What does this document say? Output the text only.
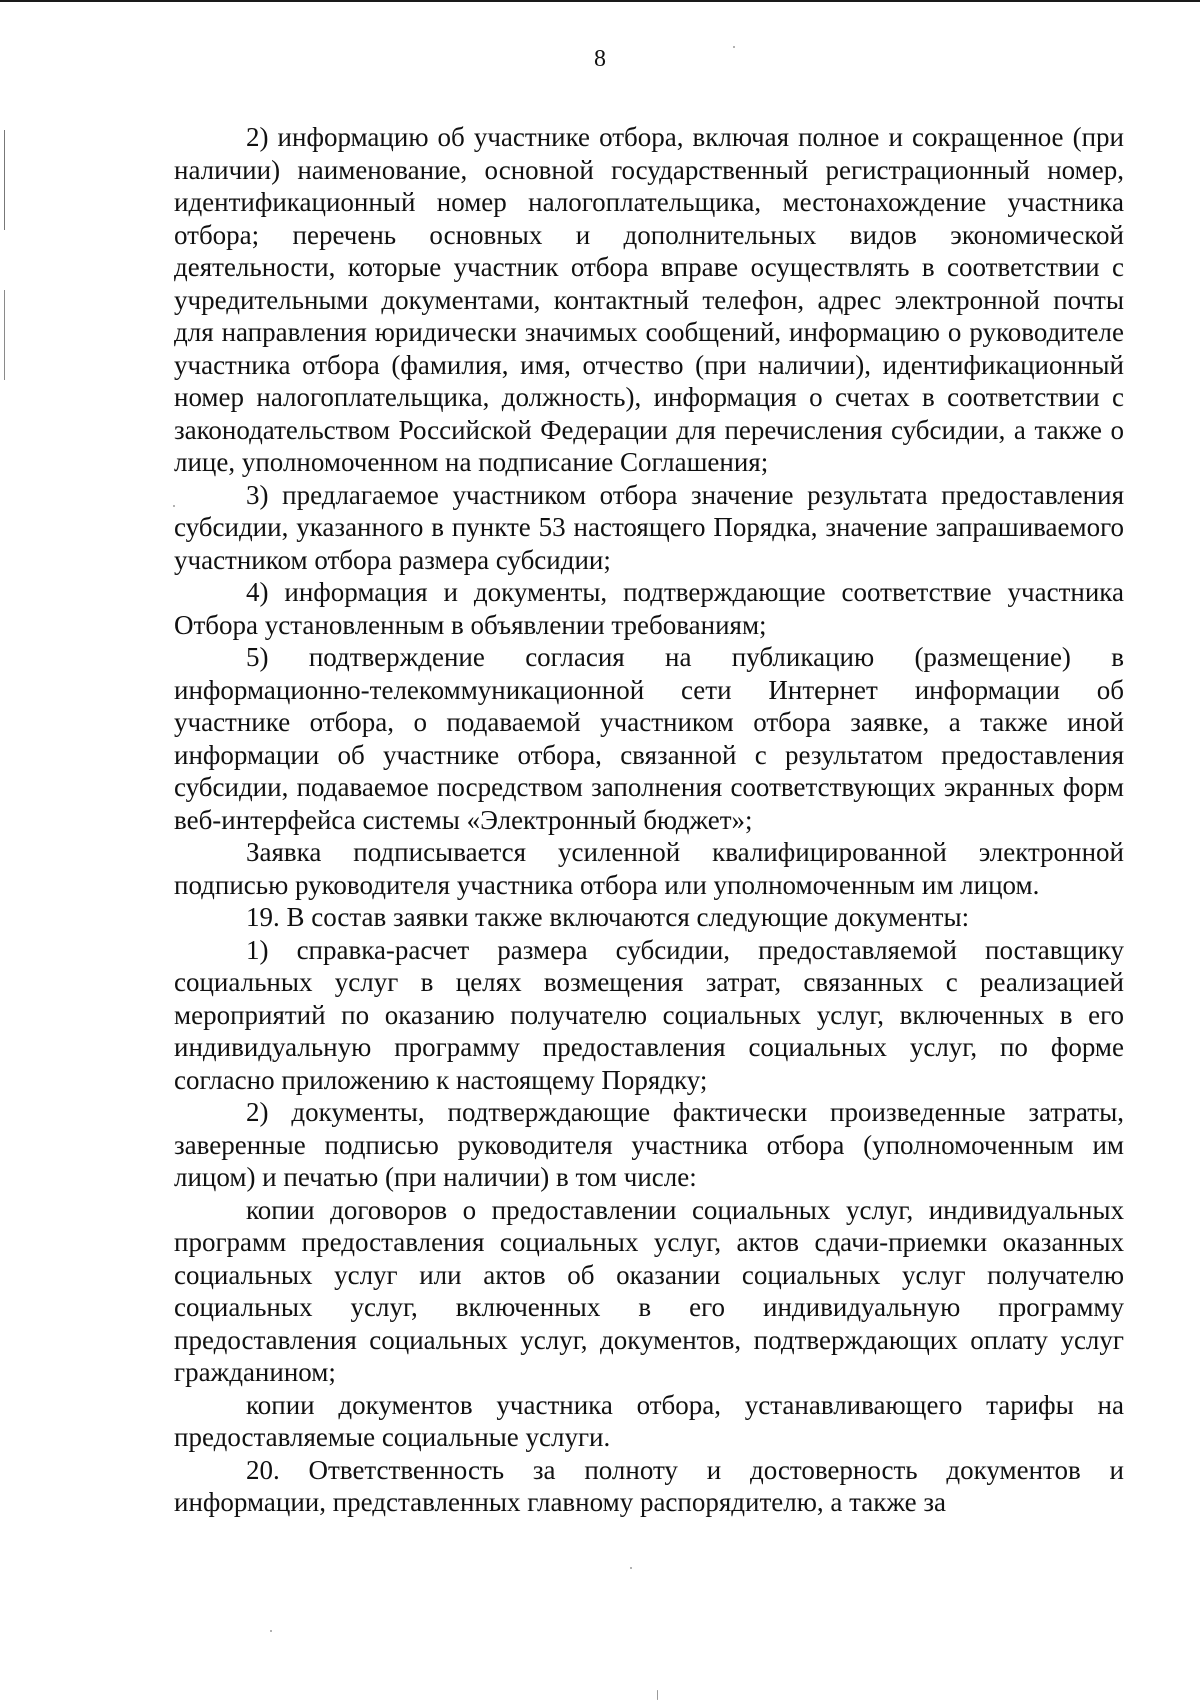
8

2) информацию об участнике отбора, включая полное и сокращенное (при наличии) наименование, основной государственный регистрационный номер, идентификационный номер налогоплательщика, местонахождение участника отбора; перечень основных и дополнительных видов экономической деятельности, которые участник отбора вправе осуществлять в соответствии с учредительными документами, контактный телефон, адрес электронной почты для направления юридически значимых сообщений, информацию о руководителе участника отбора (фамилия, имя, отчество (при наличии), идентификационный номер налогоплательщика, должность), информация о счетах в соответствии с законодательством Российской Федерации для перечисления субсидии, а также о лице, уполномоченном на подписание Соглашения;

3) предлагаемое участником отбора значение результата предоставления субсидии, указанного в пункте 53 настоящего Порядка, значение запрашиваемого участником отбора размера субсидии;

4) информация и документы, подтверждающие соответствие участника Отбора установленным в объявлении требованиям;

5) подтверждение согласия на публикацию (размещение) в информационно-телекоммуникационной сети Интернет информации об участнике отбора, о подаваемой участником отбора заявке, а также иной информации об участнике отбора, связанной с результатом предоставления субсидии, подаваемое посредством заполнения соответствующих экранных форм веб-интерфейса системы «Электронный бюджет»;

Заявка подписывается усиленной квалифицированной электронной подписью руководителя участника отбора или уполномоченным им лицом.

19. В состав заявки также включаются следующие документы:

1) справка-расчет размера субсидии, предоставляемой поставщику социальных услуг в целях возмещения затрат, связанных с реализацией мероприятий по оказанию получателю социальных услуг, включенных в его индивидуальную программу предоставления социальных услуг, по форме согласно приложению к настоящему Порядку;

2) документы, подтверждающие фактически произведенные затраты, заверенные подписью руководителя участника отбора (уполномоченным им лицом) и печатью (при наличии) в том числе:

копии договоров о предоставлении социальных услуг, индивидуальных программ предоставления социальных услуг, актов сдачи-приемки оказанных социальных услуг или актов об оказании социальных услуг получателю социальных услуг, включенных в его индивидуальную программу предоставления социальных услуг, документов, подтверждающих оплату услуг гражданином;

копии документов участника отбора, устанавливающего тарифы на предоставляемые социальные услуги.

20. Ответственность за полноту и достоверность документов и информации, представленных главному распорядителю, а также за
